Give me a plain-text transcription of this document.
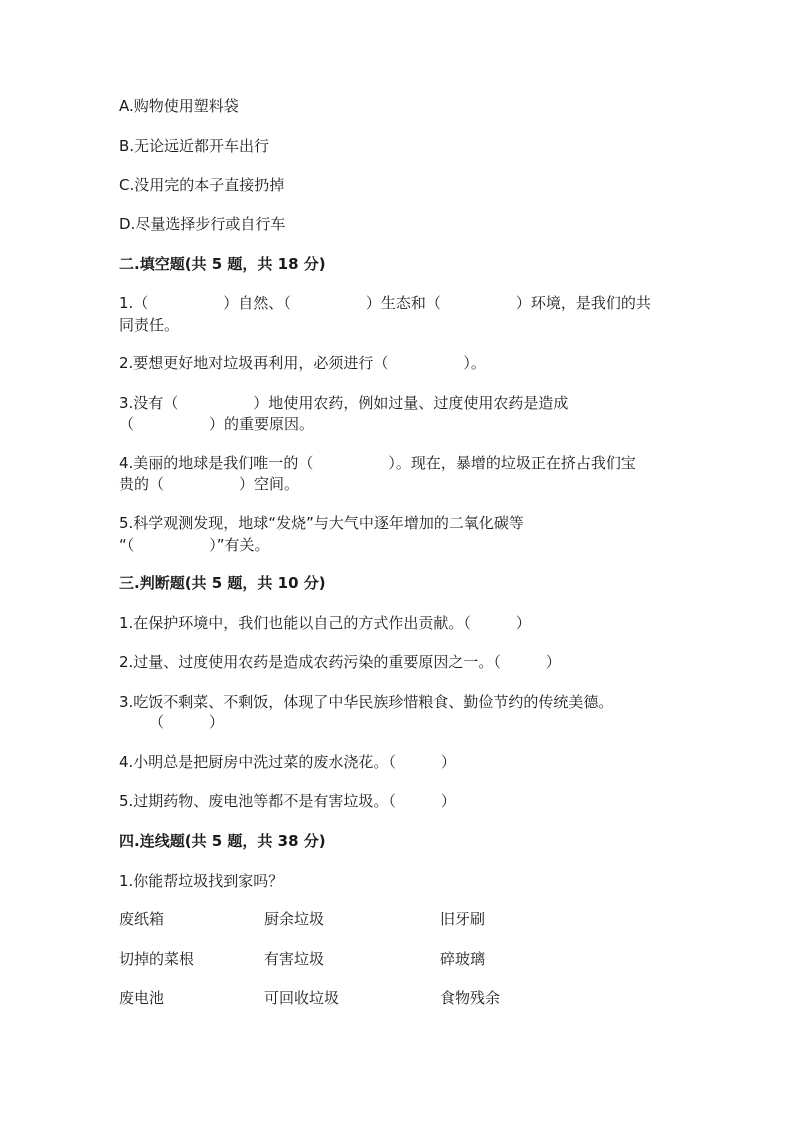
A.购物使用塑料袋
B.无论远近都开车出行
C.没用完的本子直接扔掉
D.尽量选择步行或自行车
二.填空题(共 5 题，共 18 分)
1.（　　　　　）自然、（　　　　　）生态和（　　　　　）环境，是我们的共
同责任。
2.要想更好地对垃圾再利用，必须进行（　　　　　）。
3.没有（　　　　　）地使用农药，例如过量、过度使用农药是造成
（　　　　　）的重要原因。
4.美丽的地球是我们唯一的（　　　　　）。现在，暴增的垃圾正在挤占我们宝
贵的（　　　　　）空间。
5.科学观测发现，地球“发烧”与大气中逐年增加的二氧化碳等
“（　　　　　）”有关。
三.判断题(共 5 题，共 10 分)
1.在保护环境中，我们也能以自己的方式作出贡献。（　　　）
2.过量、过度使用农药是造成农药污染的重要原因之一。（　　　）
3.吃饭不剩菜、不剩饭，体现了中华民族珍惜粮食、勤俭节约的传统美德。
（　　　）
4.小明总是把厨房中洗过菜的废水浇花。（　　　）
5.过期药物、废电池等都不是有害垃圾。（　　　）
四.连线题(共 5 题，共 38 分)
1.你能帮垃圾找到家吗？
废纸箱	厨余垃圾	旧牙刷
切掉的菜根	有害垃圾	碎玻璃
废电池	可回收垃圾	食物残余
